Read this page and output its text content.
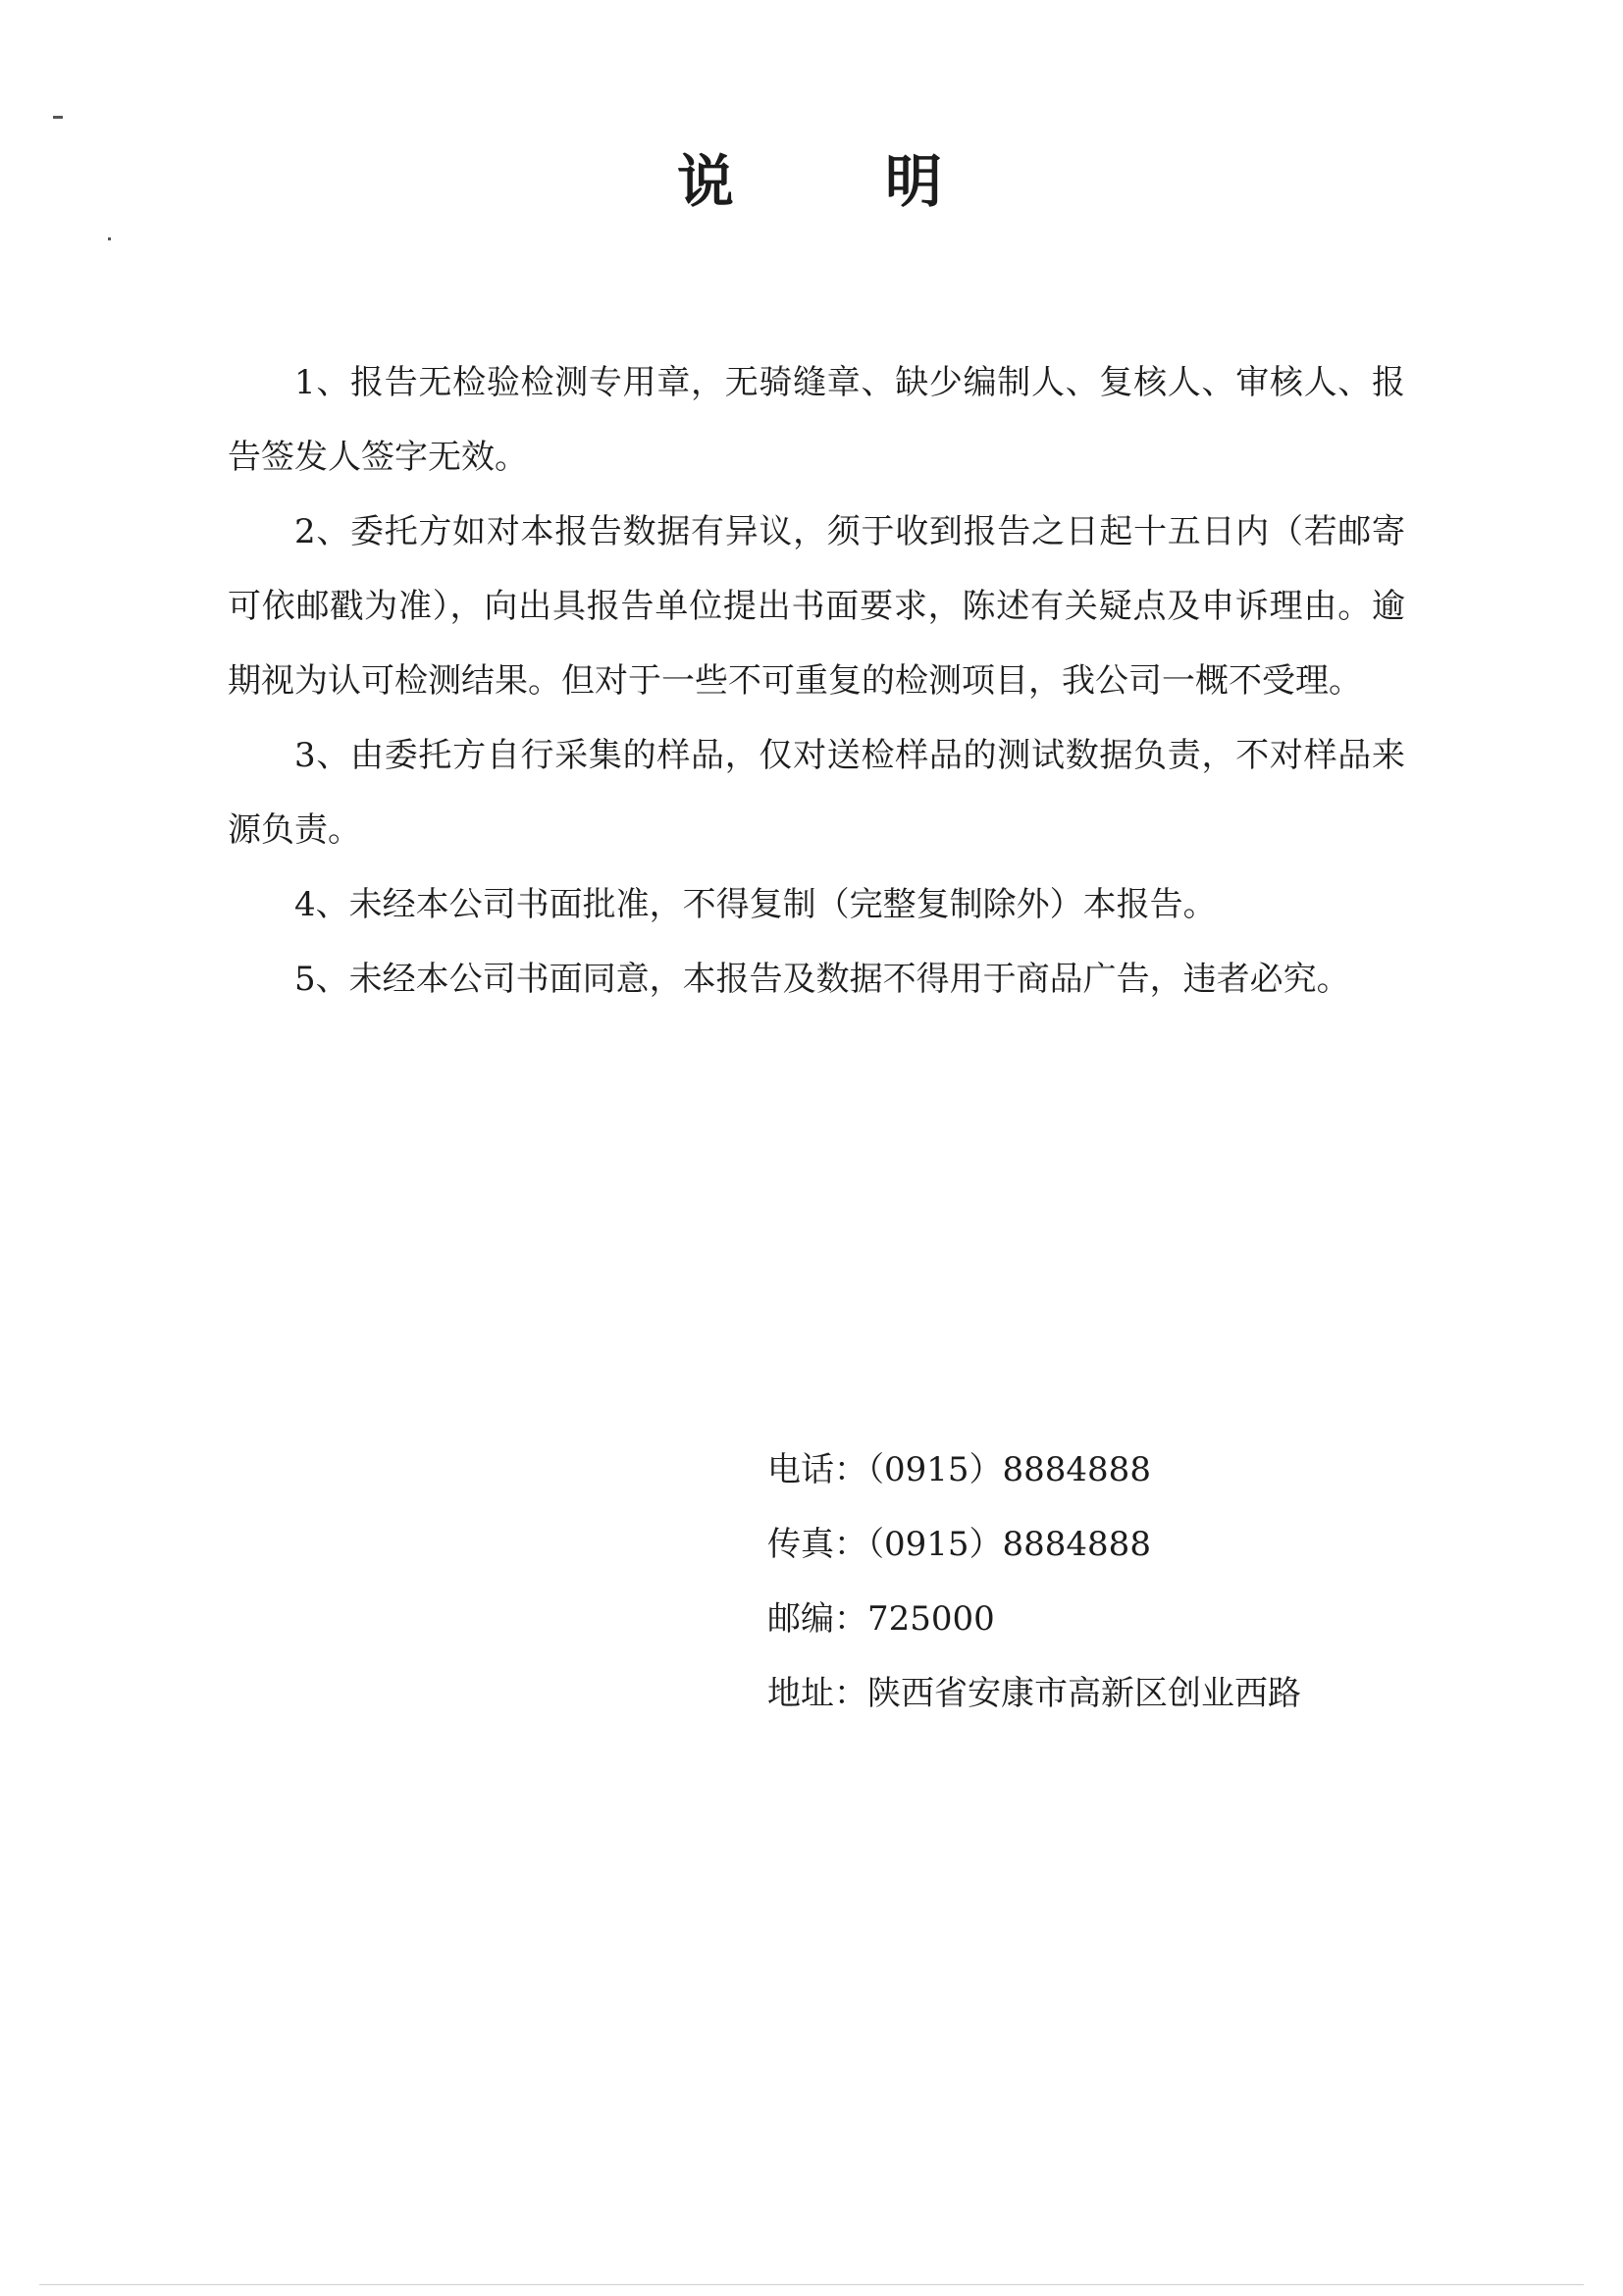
说	明

1、报告无检验检测专用章，无骑缝章、缺少编制人、复核人、审核人、报告签发人签字无效。

2、委托方如对本报告数据有异议，须于收到报告之日起十五日内（若邮寄可依邮戳为准），向出具报告单位提出书面要求，陈述有关疑点及申诉理由。逾期视为认可检测结果。但对于一些不可重复的检测项目，我公司一概不受理。

3、由委托方自行采集的样品，仅对送检样品的测试数据负责，不对样品来源负责。

4、未经本公司书面批准，不得复制（完整复制除外）本报告。

5、未经本公司书面同意，本报告及数据不得用于商品广告，违者必究。

电话：（0915）8884888
传真：（0915）8884888
邮编：725000
地址：陕西省安康市高新区创业西路
